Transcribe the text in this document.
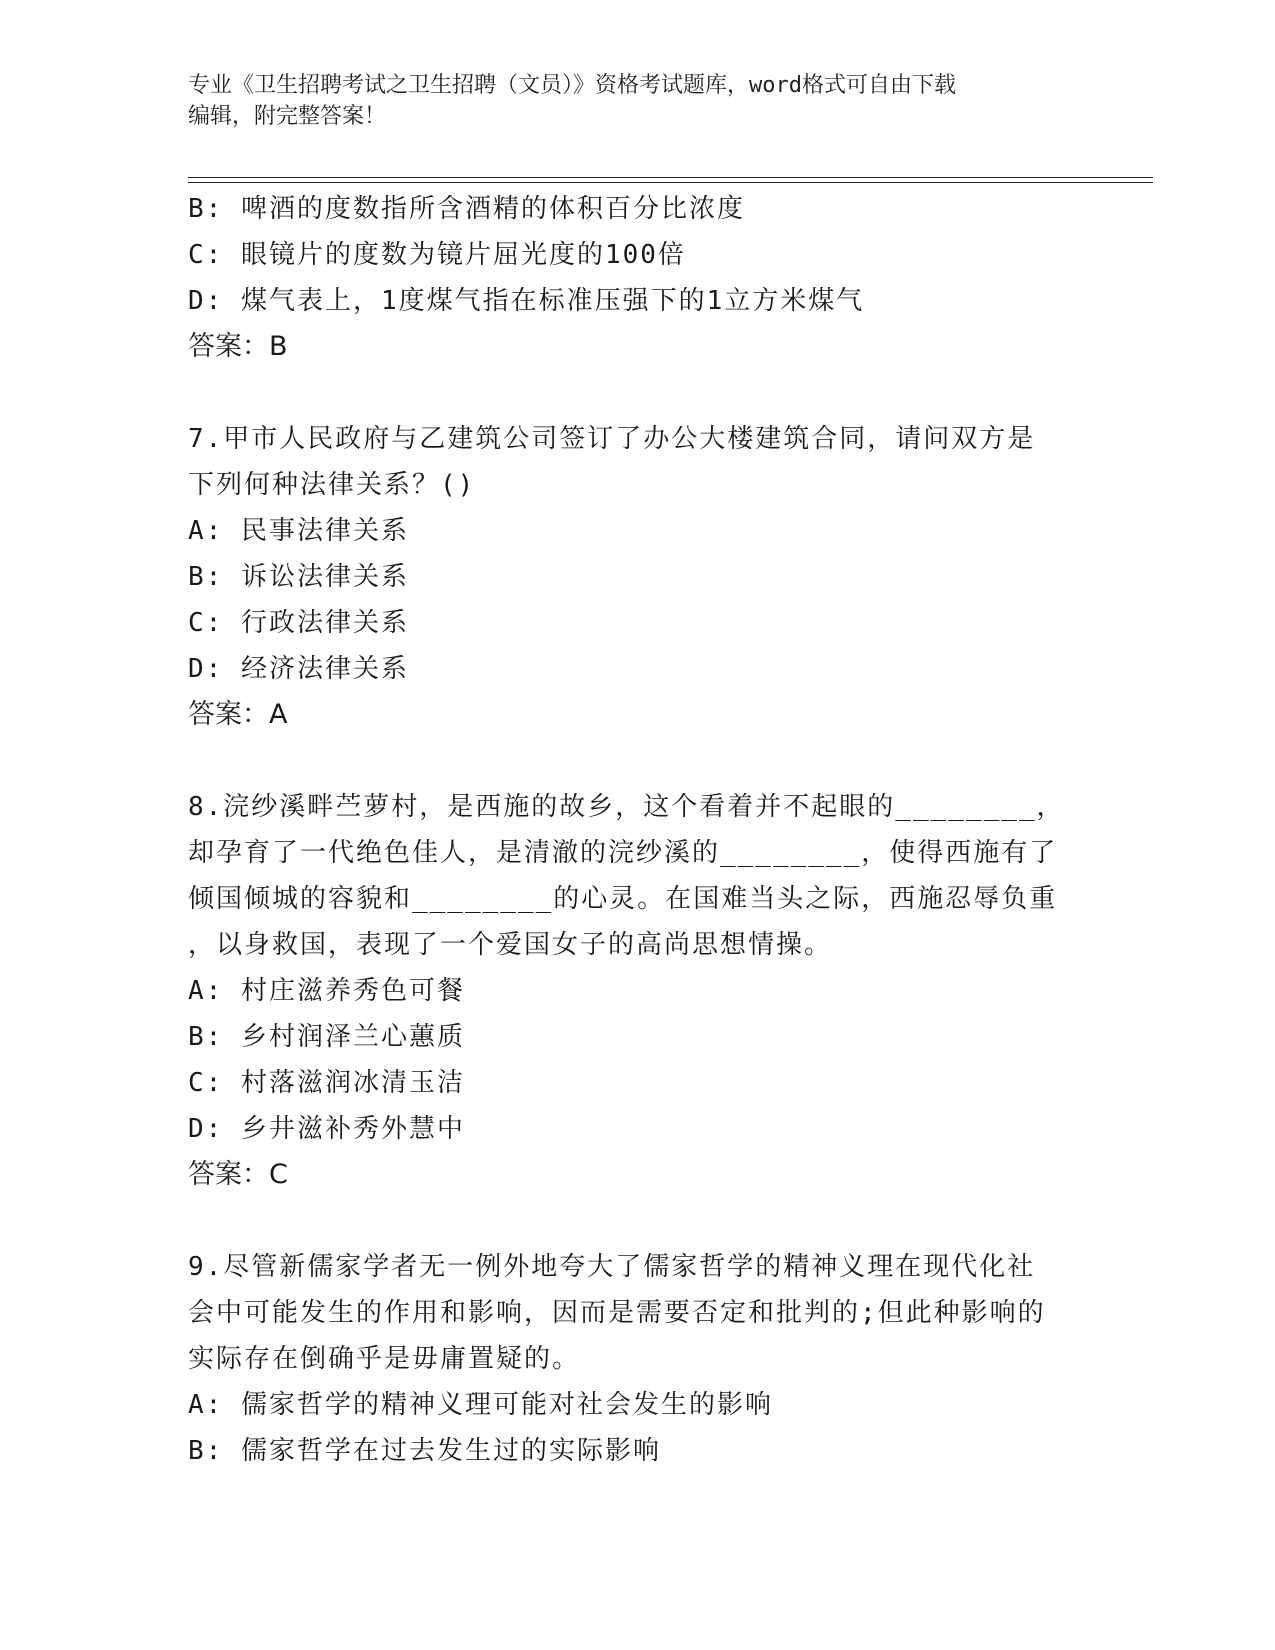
专业《卫生招聘考试之卫生招聘（文员）》资格考试题库，word格式可自由下载
编辑，附完整答案！
B: 啤酒的度数指所含酒精的体积百分比浓度
C: 眼镜片的度数为镜片屈光度的100倍
D: 煤气表上，1度煤气指在标准压强下的1立方米煤气
答案：B
7.甲市人民政府与乙建筑公司签订了办公大楼建筑合同，请问双方是
下列何种法律关系？()
A: 民事法律关系
B: 诉讼法律关系
C: 行政法律关系
D: 经济法律关系
答案：A
8.浣纱溪畔苎萝村，是西施的故乡，这个看着并不起眼的________，
却孕育了一代绝色佳人，是清澈的浣纱溪的________，使得西施有了
倾国倾城的容貌和________的心灵。在国难当头之际，西施忍辱负重
，以身救国，表现了一个爱国女子的高尚思想情操。
A: 村庄滋养秀色可餐
B: 乡村润泽兰心蕙质
C: 村落滋润冰清玉洁
D: 乡井滋补秀外慧中
答案：C
9.尽管新儒家学者无一例外地夸大了儒家哲学的精神义理在现代化社
会中可能发生的作用和影响，因而是需要否定和批判的;但此种影响的
实际存在倒确乎是毋庸置疑的。
A: 儒家哲学的精神义理可能对社会发生的影响
B: 儒家哲学在过去发生过的实际影响
